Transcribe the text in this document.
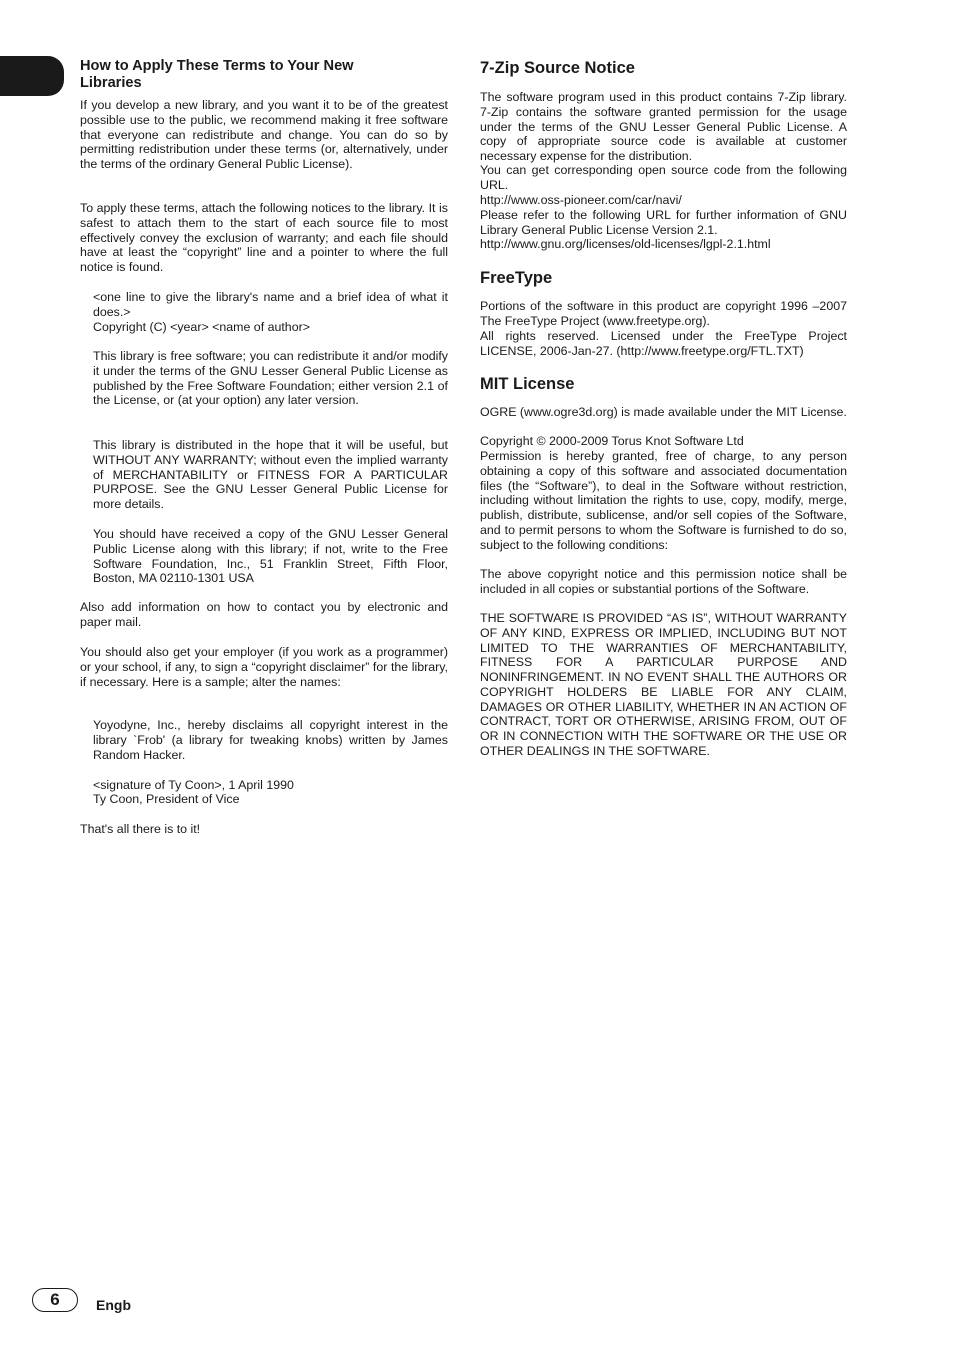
How to Apply These Terms to Your New Libraries

If you develop a new library, and you want it to be of the greatest possible use to the public, we recommend making it free software that everyone can redistribute and change. You can do so by permitting redistribution under these terms (or, alternatively, under the terms of the ordinary General Public License).

To apply these terms, attach the following notices to the library. It is safest to attach them to the start of each source file to most effectively convey the exclusion of warranty; and each file should have at least the “copyright” line and a pointer to where the full notice is found.

<one line to give the library's name and a brief idea of what it does.>

Copyright (C) <year> <name of author>

This library is free software; you can redistribute it and/or modify it under the terms of the GNU Lesser General Public License as published by the Free Software Foundation; either version 2.1 of the License, or (at your option) any later version.

This library is distributed in the hope that it will be useful, but WITHOUT ANY WARRANTY; without even the implied warranty of MERCHANTABILITY or FITNESS FOR A PARTICULAR PURPOSE. See the GNU Lesser General Public License for more details.

You should have received a copy of the GNU Lesser General Public License along with this library; if not, write to the Free Software Foundation, Inc., 51 Franklin Street, Fifth Floor, Boston, MA 02110-1301 USA

Also add information on how to contact you by electronic and paper mail.

You should also get your employer (if you work as a programmer) or your school, if any, to sign a “copyright disclaimer” for the library, if necessary. Here is a sample; alter the names:

Yoyodyne, Inc., hereby disclaims all copyright interest in the library `Frob' (a library for tweaking knobs) written by James Random Hacker.

<signature of Ty Coon>, 1 April 1990

Ty Coon, President of Vice

That's all there is to it!

7-Zip Source Notice

The software program used in this product contains 7-Zip library. 7-Zip contains the software granted permission for the usage under the terms of the GNU Lesser General Public License. A copy of appropriate source code is available at customer necessary expense for the distribution.

You can get corresponding open source code from the following URL.

http://www.oss-pioneer.com/car/navi/

Please refer to the following URL for further information of GNU Library General Public License Version 2.1.

http://www.gnu.org/licenses/old-licenses/lgpl-2.1.html

FreeType

Portions of the software in this product are copyright 1996 –2007 The FreeType Project (www.freetype.org).

All rights reserved. Licensed under the FreeType Project LICENSE, 2006-Jan-27. (http://www.freetype.org/FTL.TXT)

MIT License

OGRE (www.ogre3d.org) is made available under the MIT License.

Copyright © 2000-2009 Torus Knot Software Ltd

Permission is hereby granted, free of charge, to any person obtaining a copy of this software and associated documentation files (the “Software”), to deal in the Software without restriction, including without limitation the rights to use, copy, modify, merge, publish, distribute, sublicense, and/or sell copies of the Software, and to permit persons to whom the Software is furnished to do so, subject to the following conditions:

The above copyright notice and this permission notice shall be included in all copies or substantial portions of the Software.

THE SOFTWARE IS PROVIDED “AS IS”, WITHOUT WARRANTY OF ANY KIND, EXPRESS OR IMPLIED, INCLUDING BUT NOT LIMITED TO THE WARRANTIES OF MERCHANTABILITY, FITNESS FOR A PARTICULAR PURPOSE AND NONINFRINGEMENT. IN NO EVENT SHALL THE AUTHORS OR COPYRIGHT HOLDERS BE LIABLE FOR ANY CLAIM, DAMAGES OR OTHER LIABILITY, WHETHER IN AN ACTION OF CONTRACT, TORT OR OTHERWISE, ARISING FROM, OUT OF OR IN CONNECTION WITH THE SOFTWARE OR THE USE OR OTHER DEALINGS IN THE SOFTWARE.

6	Engb
